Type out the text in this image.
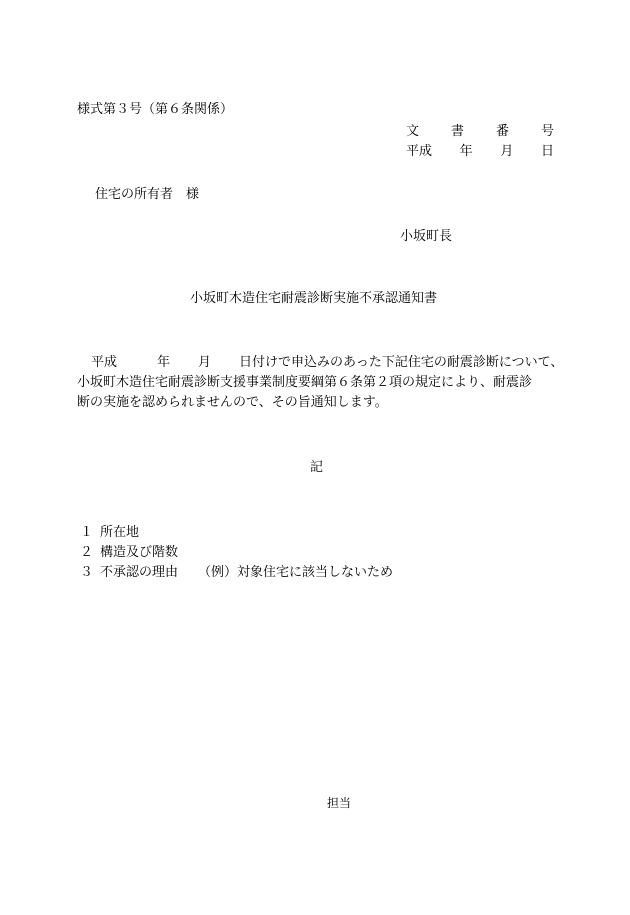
様式第３号（第６条関係）
文 書 番 号
平成 年 月 日
住宅の所有者　様
小坂町長
小坂町木造住宅耐震診断実施不承認通知書
平成	年 月 日付けで申込みのあった下記住宅の耐震診断について、
小坂町木造住宅耐震診断支援事業制度要綱第６条第２項の規定により、耐震診
断の実施を認められませんので、その旨通知します。
記
１ 所在地
２ 構造及び階数
３ 不承認の理由 （例）対象住宅に該当しないため
担当
